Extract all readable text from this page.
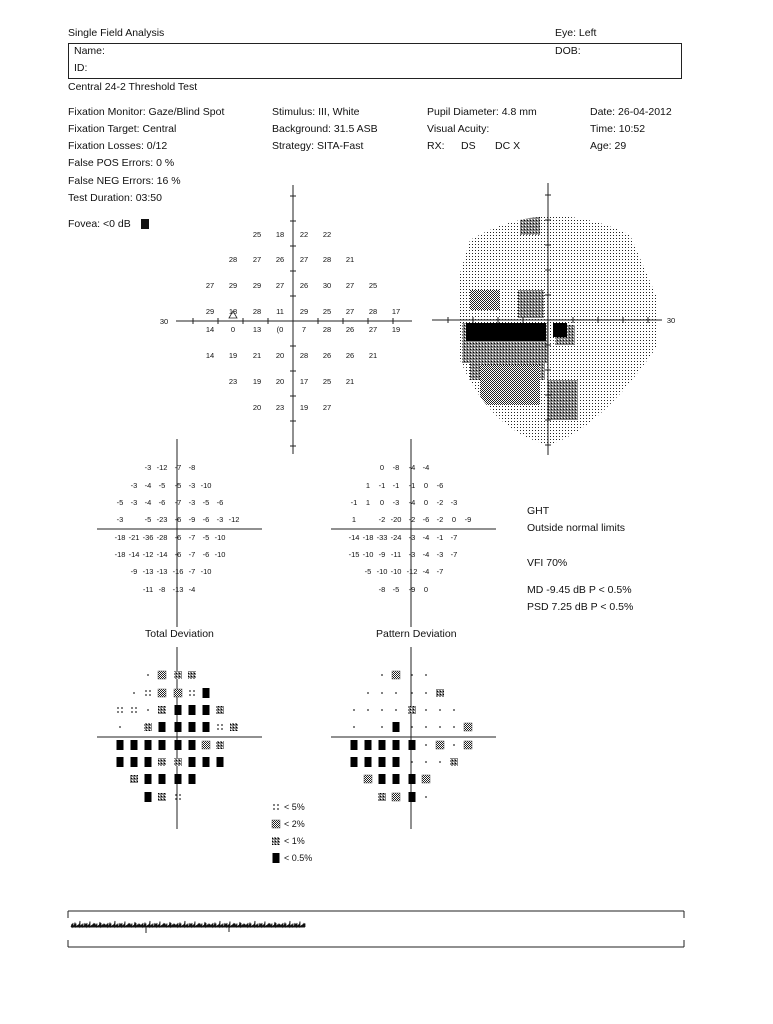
Single Field Analysis	Eye: Left
Name:
ID:
DOB:
Central 24-2 Threshold Test
Fixation Monitor: Gaze/Blind Spot
Fixation Target: Central
Fixation Losses: 0/12
False POS Errors: 0 %
False NEG Errors: 16 %
Test Duration: 03:50
Stimulus: III, White
Background: 31.5 ASB
Strategy: SITA-Fast
Pupil Diameter: 4.8 mm
Visual Acuity:
RX: DS DC X
Date: 26-04-2012
Time: 10:52
Age: 29
Fovea: <0 dB
GHT
Outside normal limits
VFI 70%
MD -9.45 dB P < 0.5%
PSD 7.25 dB P < 0.5%
Total Deviation	Pattern Deviation
< 5%
< 2%
< 1%
< 0.5%
30
25 18 22 22
28 27 26 27 28 21
27 29 29 27 26 30 27 25
29 18 28 11 29 25 27 28 17
14 0 13 (0 7 28 26 27 19
14 19 21 20 28 26 26 21
23 19 20 17 25 21
20 23 19 27
30
-3 -12 -7 -8
-3 -4 -5 -5 -3 -10
-5 -3 -4 -6 -7 -3 -5 -6
-3	-5 -23 -6 -9 -6 -3 -12
-18 -21 -36 -28 -6 -7 -5 -10
-18 -14 -12 -14 -6 -7 -6 -10
-9 -13 -13 -16 -7 -10
-11 -8 -13 -4
0 -8 -4 -4
1 -1 -1 -1 0 -6
-1 1 0 -3 -4 0 -2 -3
1	-2 -20 -2 -6 -2 0 -9
-14 -18 -33 -24 -3 -4 -1 -7
-15 -10 -9 -11 -3 -4 -3 -7
-5 -10 -10 -12 -4 -7
-8 -5 -9 0
